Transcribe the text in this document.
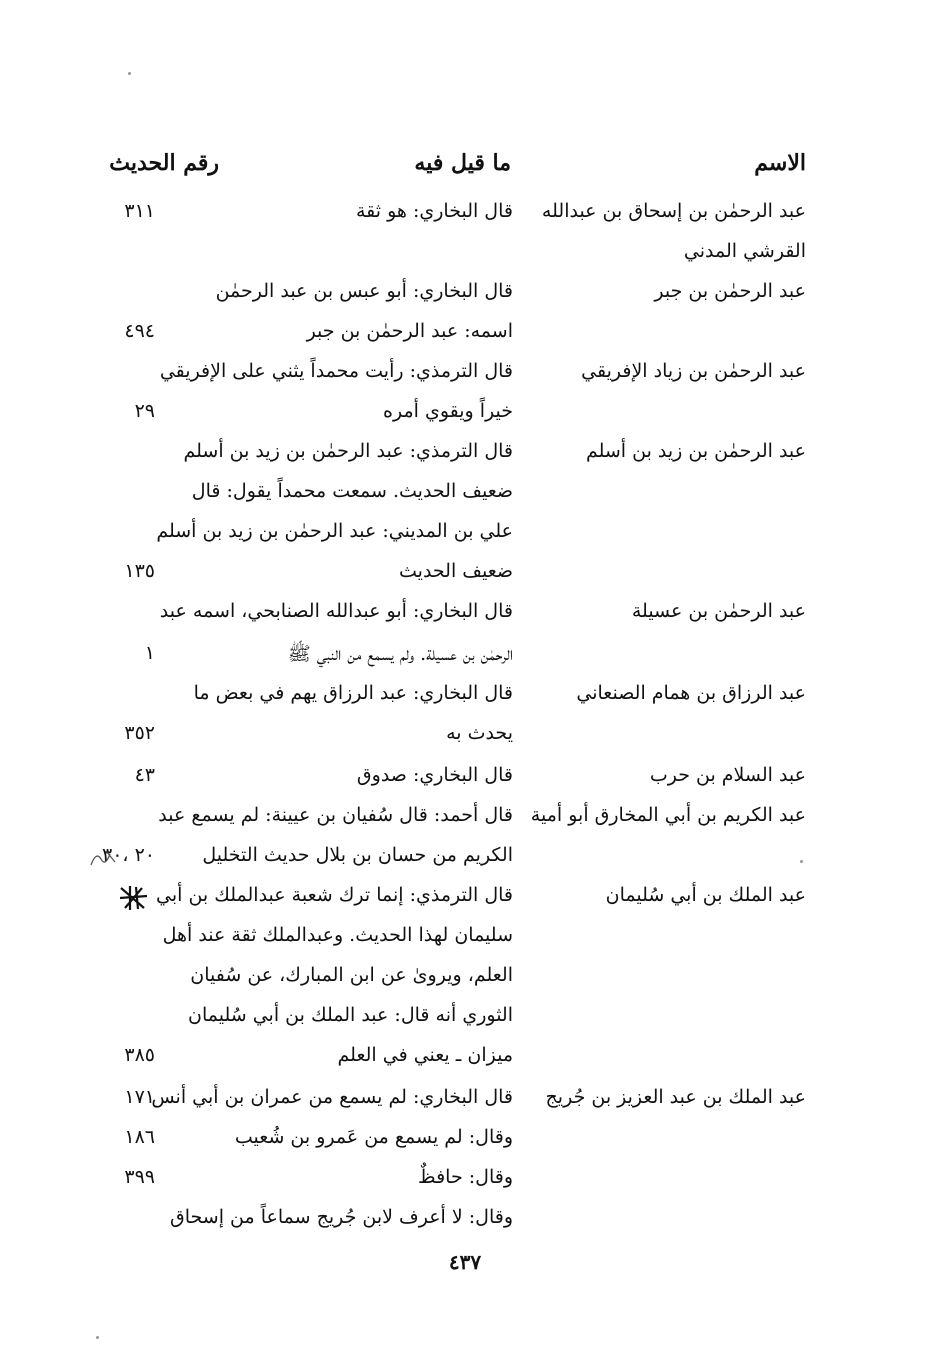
الاسم
ما قيل فيه
رقم الحديث
عبد الرحمٰن بن إسحاق بن عبدالله
قال البخاري: هو ثقة
٣١١
القرشي المدني
عبد الرحمٰن بن جبر
قال البخاري: أبو عبس بن عبد الرحمٰن
اسمه: عبد الرحمٰن بن جبر
٤٩٤
عبد الرحمٰن بن زياد الإفريقي
قال الترمذي: رأيت محمداً يثني على الإفريقي
خيراً ويقوي أمره
٢٩
عبد الرحمٰن بن زيد بن أسلم
قال الترمذي: عبد الرحمٰن بن زيد بن أسلم
ضعيف الحديث. سمعت محمداً يقول: قال
علي بن المديني: عبد الرحمٰن بن زيد بن أسلم
ضعيف الحديث
١٣٥
عبد الرحمٰن بن عسيلة
قال البخاري: أبو عبدالله الصنابحي، اسمه عبد
الرحمٰن بن عسيلة. ولم يسمع من النبي ﷺ
١
عبد الرزاق بن همام الصنعاني
قال البخاري: عبد الرزاق يهم في بعض ما
يحدث به
٣٥٢
عبد السلام بن حرب
قال البخاري: صدوق
٤٣
عبد الكريم بن أبي المخارق أبو أمية
قال أحمد: قال سُفيان بن عيينة: لم يسمع عبد
الكريم من حسان بن بلال حديث التخليل
٢٠ ،٣٠
عبد الملك بن أبي سُليمان
قال الترمذي: إنما ترك شعبة عبدالملك بن أبي
سليمان لهذا الحديث. وعبدالملك ثقة عند أهل
العلم، ويروىٰ عن ابن المبارك، عن سُفيان
الثوري أنه قال: عبد الملك بن أبي سُليمان
ميزان ـ يعني في العلم
٣٨٥
عبد الملك بن عبد العزيز بن جُريج
قال البخاري: لم يسمع من عمران بن أبي أنس
١٧١
وقال: لم يسمع من عَمرو بن شُعيب
١٨٦
وقال: حافظٌ
٣٩٩
وقال: لا أعرف لابن جُريج سماعاً من إسحاق
٤٣٧
